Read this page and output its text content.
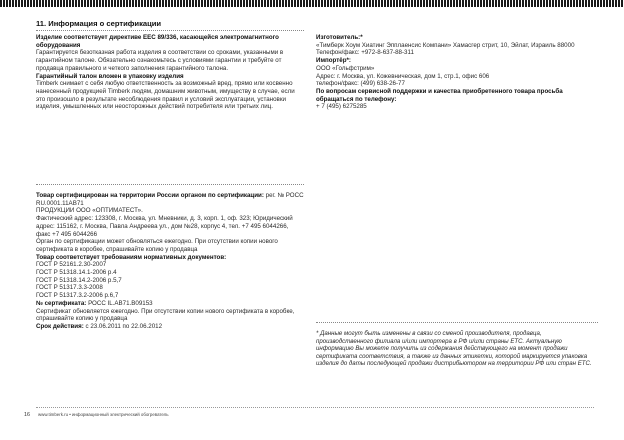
11. Информация о сертификации

Изделие соответствует директиве ЕЕС 89/336, касающейся электромагнитного оборудования

Гарантируется безотказная работа изделия в соответствии со сроками, указанными в гарантийном талоне. Обязательно ознакомьтесь с условиями гарантии и требуйте от продавца правильного и четкого заполнения гарантийного талона.

Гарантийный талон вложен в упаковку изделия

Timberk снимает с себя любую ответственность за возможный вред, прямо или косвенно нанесенный продукцией Timberk людям, домашним животным, имуществу в случае, если это произошло в результате несоблюдения правил и условий эксплуатации, установки изделия, умышленных или неосторожных действий потребителя или третьих лиц.

Товар сертифицирован на территории России органом по сертификации: рег. № РОСС RU.0001.11АВ71

ПРОДУКЦИИ ООО «ОПТИМАТЕСТ».

Фактический адрес: 123308, г. Москва, ул. Мневники, д. 3, корп. 1, оф. 323; Юридический адрес: 115162, г. Москва, Павла Андреева ул., дом №28, корпус 4, тел. +7 495 6044266, факс +7 495 6044266

Орган по сертификации может обновляться ежегодно. При отсутствии копии нового сертификата в коробке, спрашивайте копию у продавца

Товар соответствует требованиям нормативных документов:

ГОСТ Р 52161.2.30-2007

ГОСТ Р 51318.14.1-2006 р.4

ГОСТ Р 51318.14.2-2006 р.5,7

ГОСТ Р 51317.3.3-2008

ГОСТ Р 51317.3.2-2006 р.6,7

№ сертификата: РОСС IL.АВ71.В09153

Сертификат обновляется ежегодно. При отсутствии копии нового сертификата в коробке, спрашивайте копию у продавца

Срок действия: с 23.06.2011 по 22.06.2012

Изготовитель:*

«Тимберк Хоум Хиатинг Эпплаенсис Компани» Хамасгер стрит, 10, Эйлат, Израиль 88000

Телефон/факс: +972-8-637-88-311

Импортёр*:

ООО «Гольфстрим»

Адрес: г. Москва, ул. Кожевническая, дом 1, стр.1, офис 606

телефон/факс: (499) 638-26-77

По вопросам сервисной поддержки и качества приобретенного товара просьба обращаться по телефону:

+ 7 (495) 6275285

* Данные могут быть изменены в связи со сменой производителя, продавца, производственного филиала и/или импортера в РФ и/или страны ЕТС. Актуальную информацию Вы можете получить из содержания действующего на момент продажи сертификата соответствия, а также из данных этикетки, которой маркируется упаковка изделия до даты последующей продажи дистрибьютором на территории РФ или стран ЕТС.
16 www.timberk.ru • информационный электрический обогреватель
